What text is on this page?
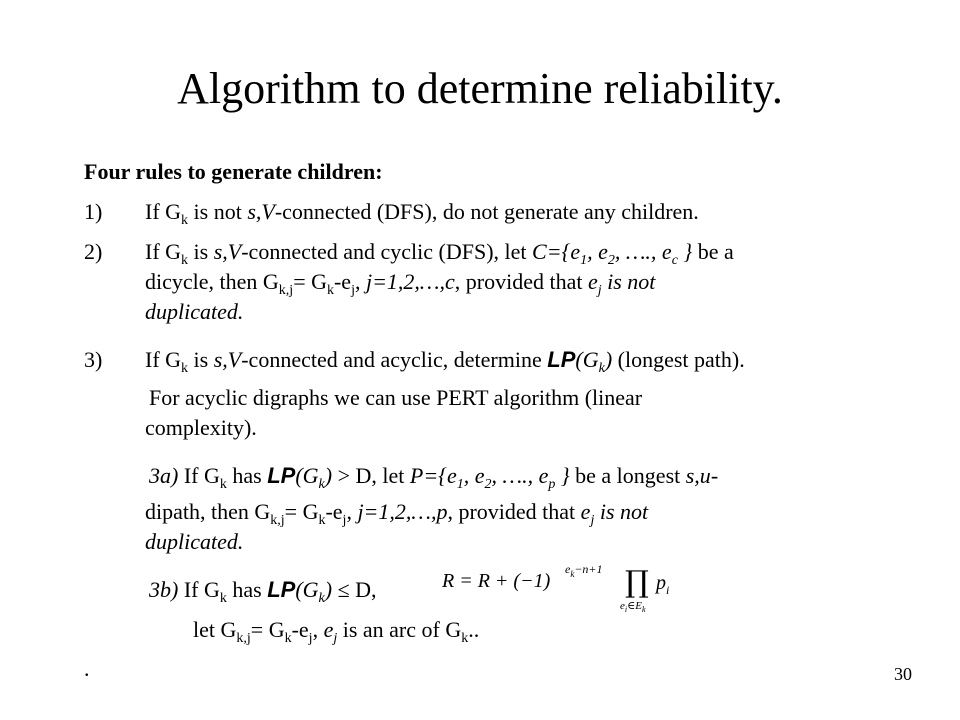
Algorithm to determine reliability.
Four rules to generate children:
1) If $G_k$ is not s,V-connected (DFS), do not generate any children.
2) If $G_k$ is s,V-connected and cyclic (DFS), let $C=\{e_1$, $e_2$, …., $e_c$ } be a
dicycle, then $G_{k,j}= G_k-e_j$, j=1,2,…,c, provided that $e_j$ is not
duplicated.
3) If $G_k$ is s,V-connected and acyclic, determine $LP(G_k)$ (longest path).
For acyclic digraphs we can use PERT algorithm (linear
complexity).
3a) If $G_k$ has $LP(G_k) > D$, let $P=\{e_1$, $e_2$, …., $e_p$ } be a longest s,u-
dipath, then $G_{k,j}= G_k-e_j$, j=1,2,…,p, provided that $e_j$ is not
duplicated.
3b) If $G_k$ has $LP(G_k) \le D$,	R = R + (−1)
$e_k-n+1$ ∏
$e_i\in E_k$
$p_i$
let $G_{k,j}= G_k-e_j$, $e_j$ is an arc of $G_k$..
.	30
